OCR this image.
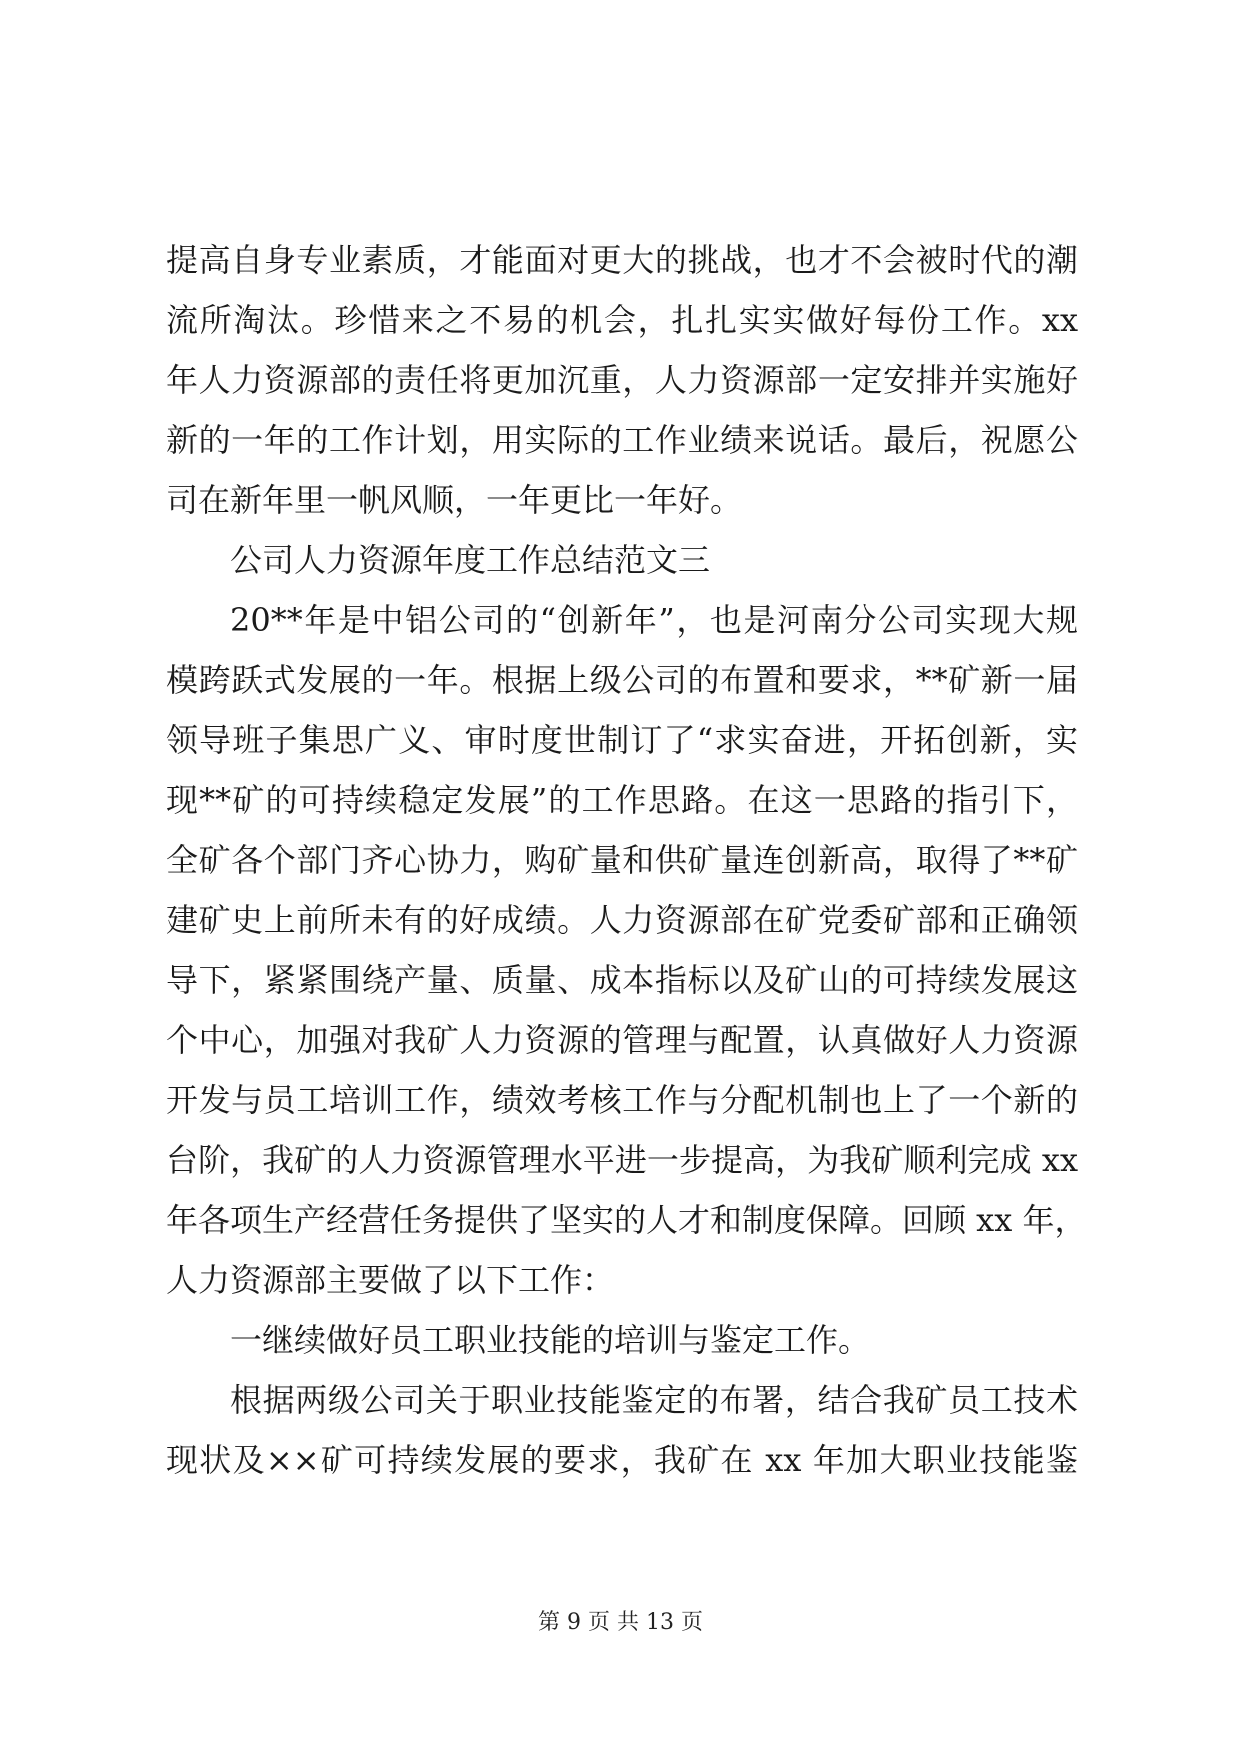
提高自身专业素质，才能面对更大的挑战，也才不会被时代的潮
流所淘汰。珍惜来之不易的机会，扎扎实实做好每份工作。xx
年人力资源部的责任将更加沉重，人力资源部一定安排并实施好
新的一年的工作计划，用实际的工作业绩来说话。最后，祝愿公
司在新年里一帆风顺，一年更比一年好。
公司人力资源年度工作总结范文三
20**年是中铝公司的“创新年”，也是河南分公司实现大规
模跨跃式发展的一年。根据上级公司的布置和要求，**矿新一届
领导班子集思广义、审时度世制订了“求实奋进，开拓创新，实
现**矿的可持续稳定发展”的工作思路。在这一思路的指引下，
全矿各个部门齐心协力，购矿量和供矿量连创新高，取得了**矿
建矿史上前所未有的好成绩。人力资源部在矿党委矿部和正确领
导下，紧紧围绕产量、质量、成本指标以及矿山的可持续发展这
个中心，加强对我矿人力资源的管理与配置，认真做好人力资源
开发与员工培训工作，绩效考核工作与分配机制也上了一个新的
台阶，我矿的人力资源管理水平进一步提高，为我矿顺利完成 xx
年各项生产经营任务提供了坚实的人才和制度保障。回顾 xx 年，
人力资源部主要做了以下工作：
一继续做好员工职业技能的培训与鉴定工作。
根据两级公司关于职业技能鉴定的布署，结合我矿员工技术
现状及××矿可持续发展的要求，我矿在 xx 年加大职业技能鉴
第 9 页 共 13 页
